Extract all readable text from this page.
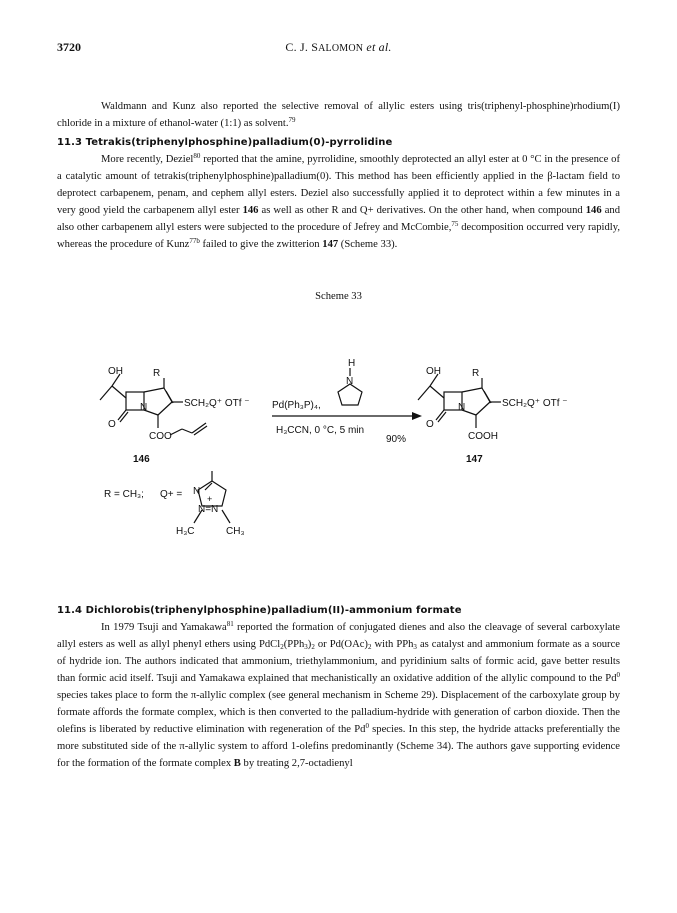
3720	C. J. SALOMON et al.

Waldmann and Kunz also reported the selective removal of allylic esters using tris(triphenyl-phosphine)rhodium(I) chloride in a mixture of ethanol-water (1:1) as solvent.$^{79}$

11.3 Tetrakis(triphenylphosphine)palladium(0)-pyrrolidine

More recently, Deziel$^{80}$ reported that the amine, pyrrolidine, smoothly deprotected an allyl ester at 0 °C in the presence of a catalytic amount of tetrakis(triphenylphosphine)palladium(0). This method has been efficiently applied in the β-lactam field to deprotect carbapenem, penam, and cephem allyl esters. Deziel also successfully applied it to deprotect within a few minutes in a very good yield the carbapenem allyl ester 146 as well as other R and Q+ derivatives. On the other hand, when compound 146 and also other carbapenem allyl esters were subjected to the procedure of Jefrey and McCombie,$^{75}$ decomposition occurred very rapidly, whereas the procedure of Kunz$^{77b}$ failed to give the zwitterion 147 (Scheme 33).

Scheme 33
OH	R
O
N	SCH₂Q⁺ OTf ⁻
COO
H
N
Pd(Ph₃P)₄,
H₃CCN, 0 °C, 5 min
90%
OH	R
O
N	SCH₂Q⁺ OTf ⁻
COOH
146	147
R = CH₃; Q+ = N
+
N=N
H₃C	CH₃

11.4 Dichlorobis(triphenylphosphine)palladium(II)-ammonium formate

In 1979 Tsuji and Yamakawa$^{81}$ reported the formation of conjugated dienes and also the cleavage of several carboxylate allyl esters as well as allyl phenyl ethers using $PdCl_2(PPh_3)_2$ or $Pd(OAc)_2$ with PPh$_3$ as catalyst and ammonium formate as a source of hydride ion. The authors indicated that ammonium, triethylammonium, and pyridinium salts of formic acid, gave better results than formic acid itself. Tsuji and Yamakawa explained that mechanistically an oxidative addition of the allylic compound to the Pd$^0$ species takes place to form the π-allylic complex (see general mechanism in Scheme 29). Displacement of the carboxylate group by formate affords the formate complex, which is then converted to the palladium-hydride with generation of carbon dioxide. Then the olefins is liberated by reductive elimination with regeneration of the Pd$^0$ species. In this step, the hydride attacks preferentially the more substituted side of the π-allylic system to afford 1-olefins predominantly (Scheme 34). The authors gave supporting evidence for the formation of the formate complex B by treating 2,7-octadienyl
